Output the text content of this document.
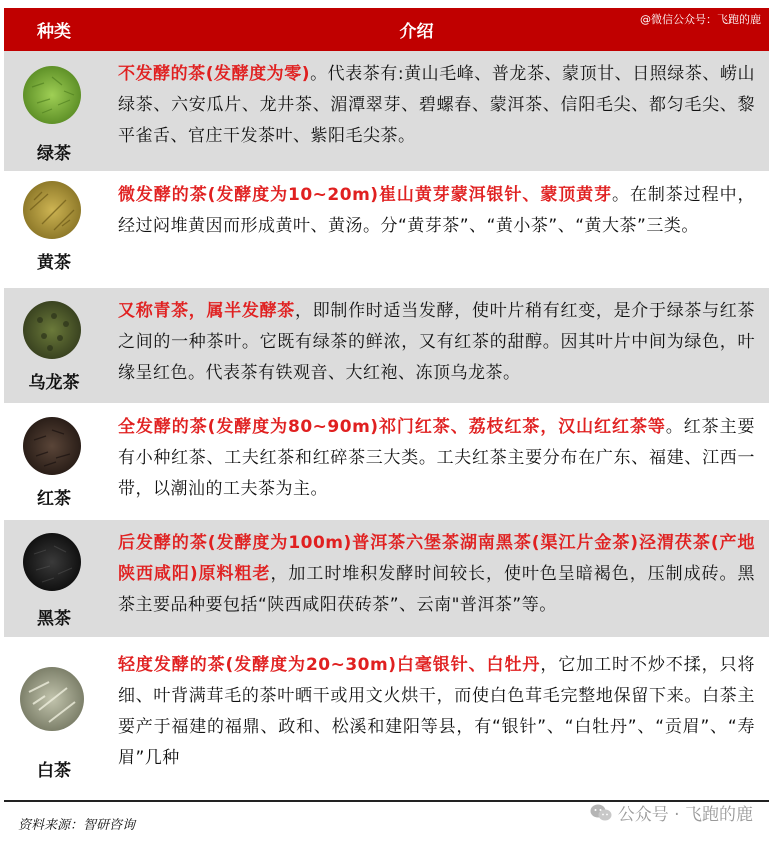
种类	介绍
@微信公众号：飞跑的鹿
绿茶
不发酵的茶(发酵度为零)。代表茶有:黄山毛峰、普龙茶、蒙顶甘、日照绿茶、崂山绿茶、六安瓜片、龙井茶、湄潭翠芽、碧螺春、蒙洱茶、信阳毛尖、都匀毛尖、黎平雀舌、官庄干发茶叶、紫阳毛尖茶。
黄茶
微发酵的茶(发酵度为10~20m)崔山黄芽蒙洱银针、蒙顶黄芽。在制茶过程中，经过闷堆黄因而形成黄叶、黄汤。分“黄芽茶”、“黄小茶”、“黄大茶”三类。
乌龙茶
又称青茶，属半发酵茶，即制作时适当发酵，使叶片稍有红变，是介于绿茶与红茶之间的一种茶叶。它既有绿茶的鲜浓，又有红茶的甜醇。因其叶片中间为绿色，叶缘呈红色。代表茶有铁观音、大红袍、冻顶乌龙茶。
红茶
全发酵的茶(发酵度为80~90m)祁门红茶、荔枝红茶，汉山红红茶等。红茶主要有小种红茶、工夫红茶和红碎茶三大类。工夫红茶主要分布在广东、福建、江西一带，以潮汕的工夫茶为主。
黑茶
后发酵的茶(发酵度为100m)普洱茶六堡茶湖南黑茶(渠江片金茶)泾渭茯茶(产地陕西咸阳)原料粗老，加工时堆积发酵时间较长，使叶色呈暗褐色，压制成砖。黑茶主要品种要包括“陕西咸阳茯砖茶”、云南"普洱茶”等。
白茶
轻度发酵的茶(发酵度为20~30m)白毫银针、白牡丹，它加工时不炒不揉，只将细、叶背满茸毛的茶叶晒干或用文火烘干，而使白色茸毛完整地保留下来。白茶主要产于福建的福鼎、政和、松溪和建阳等县，有“银针”、“白牡丹”、“贡眉”、“寿眉”几种
资料来源：智研咨询
公众号 · 飞跑的鹿
